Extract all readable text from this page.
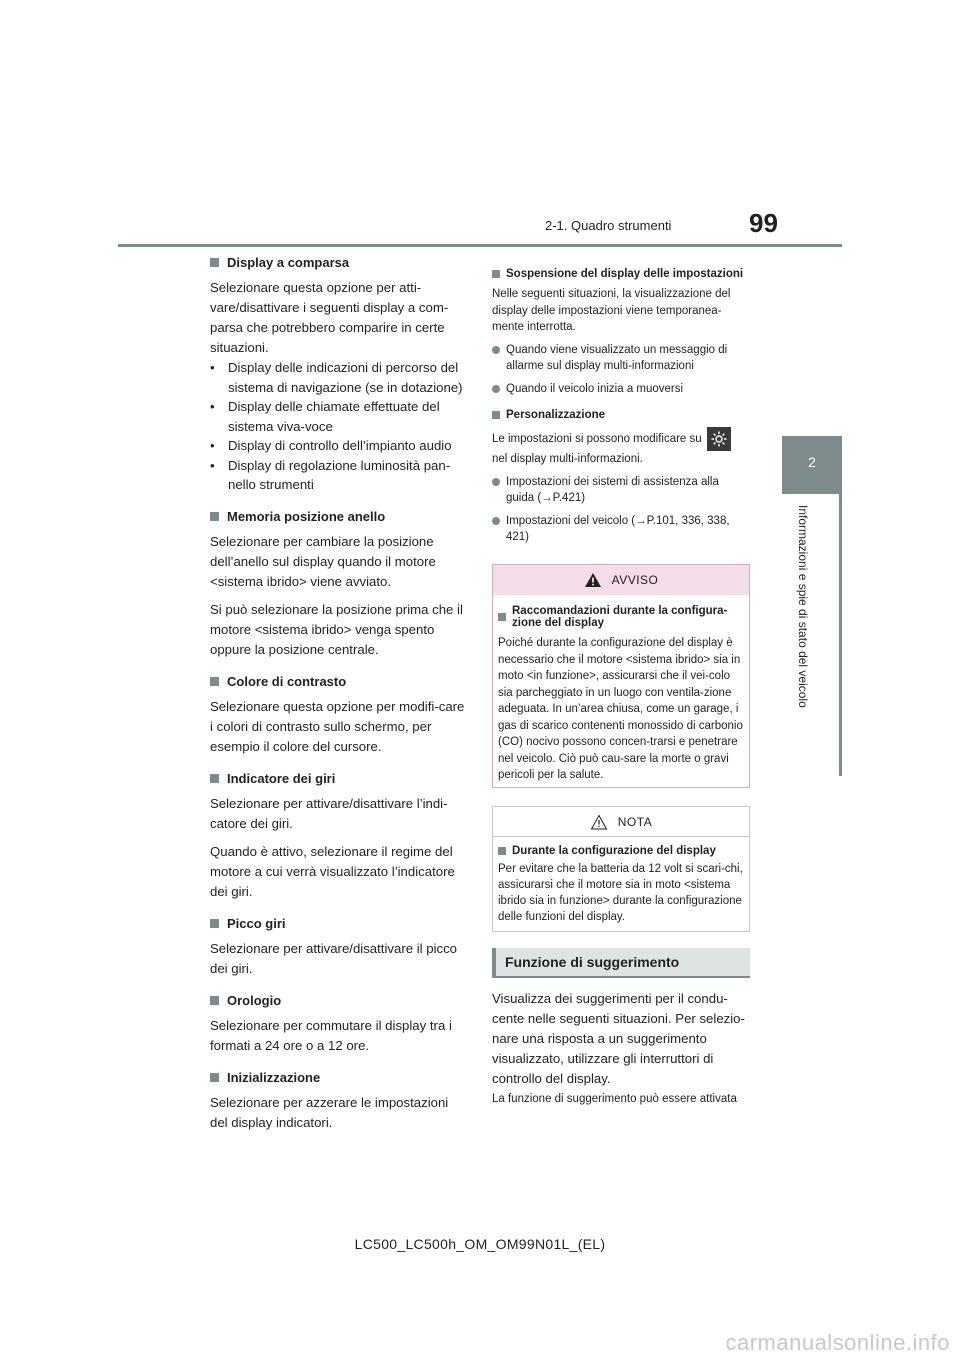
2-1. Quadro strumenti	99
2
Informazioni e spie di stato del veicolo
Display a comparsa

Selezionare questa opzione per atti-vare/disattivare i seguenti display a com-parsa che potrebbero comparire in certe situazioni.

• Display delle indicazioni di percorso del sistema di navigazione (se in dotazione)
• Display delle chiamate effettuate del sistema viva-voce
• Display di controllo dell’impianto audio
• Display di regolazione luminosità pan-nello strumenti
Memoria posizione anello

Selezionare per cambiare la posizione dell’anello sul display quando il motore <sistema ibrido> viene avviato.

Si può selezionare la posizione prima che il motore <sistema ibrido> venga spento oppure la posizione centrale.

Colore di contrasto

Selezionare questa opzione per modifi-care i colori di contrasto sullo schermo, per esempio il colore del cursore.

Indicatore dei giri

Selezionare per attivare/disattivare l’indi-catore dei giri.

Quando è attivo, selezionare il regime del motore a cui verrà visualizzato l’indicatore dei giri.

Picco giri

Selezionare per attivare/disattivare il picco dei giri.

Orologio

Selezionare per commutare il display tra i formati a 24 ore o a 12 ore.

Inizializzazione

Selezionare per azzerare le impostazioni del display indicatori.

Sospensione del display delle impostazioni

Nelle seguenti situazioni, la visualizzazione del display delle impostazioni viene temporanea-mente interrotta.

Quando viene visualizzato un messaggio di allarme sul display multi-informazioni
Quando il veicolo inizia a muoversi
Personalizzazione

Le impostazioni si possono modificare su

nel display multi-informazioni.

Impostazioni dei sistemi di assistenza alla guida (→P.421)
Impostazioni del veicolo (→P.101, 336, 338, 421)
AVVISO
Raccomandazioni durante la configura-zione del display

Poiché durante la configurazione del display è necessario che il motore <sistema ibrido> sia in moto <in funzione>, assicurarsi che il vei-colo sia parcheggiato in un luogo con ventila-zione adeguata. In un’area chiusa, come un garage, i gas di scarico contenenti monossido di carbonio (CO) nocivo possono concen-trarsi e penetrare nel veicolo. Ciò può cau-sare la morte o gravi pericoli per la salute.

NOTA
Durante la configurazione del display

Per evitare che la batteria da 12 volt si scari-chi, assicurarsi che il motore sia in moto <sistema ibrido sia in funzione> durante la configurazione delle funzioni del display.

Funzione di suggerimento

Visualizza dei suggerimenti per il condu-cente nelle seguenti situazioni. Per selezio-nare una risposta a un suggerimento visualizzato, utilizzare gli interruttori di controllo del display.

La funzione di suggerimento può essere attivata

LC500_LC500h_OM_OM99N01L_(EL)
carmanualsonline.info
